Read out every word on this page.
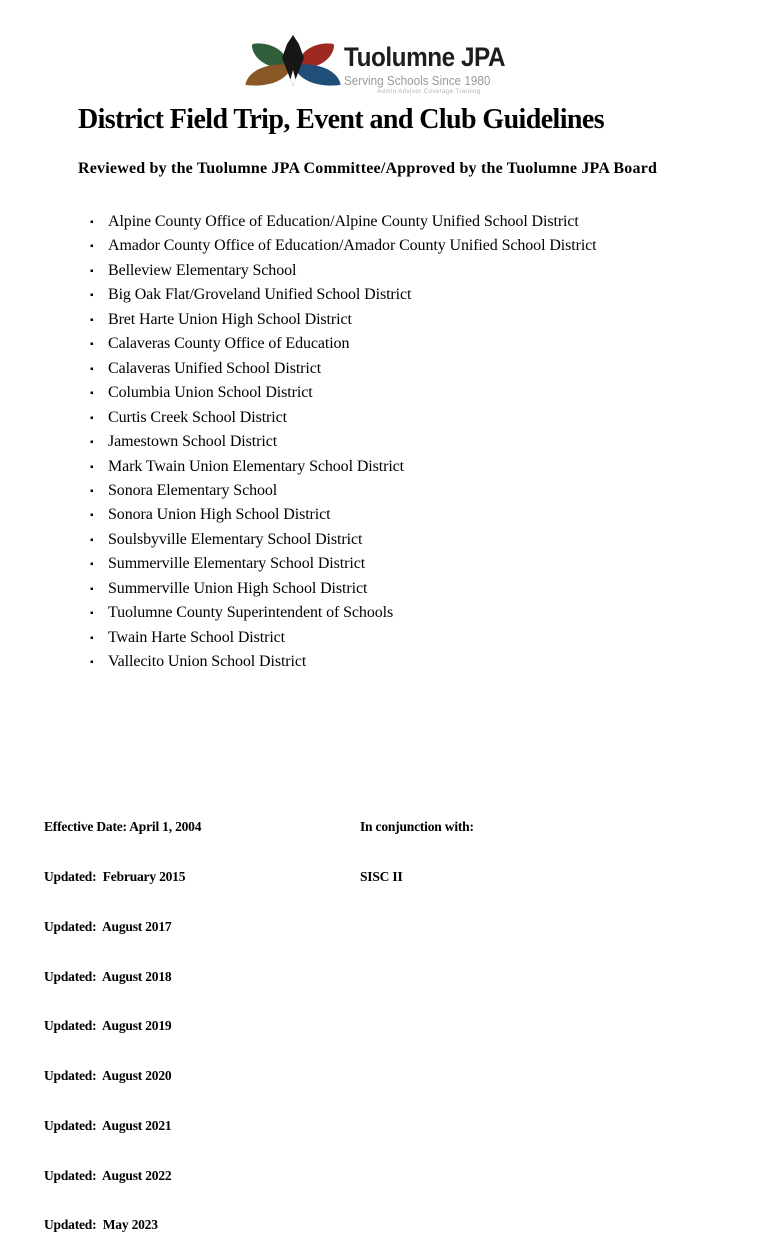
Tuolumne JPA
Serving Schools Since 1980
Admin Advisor Coverage Training
District Field Trip, Event and Club Guidelines
Reviewed by the Tuolumne JPA Committee/Approved by the Tuolumne JPA Board
▪ Alpine County Office of Education/Alpine County Unified School District
▪ Amador County Office of Education/Amador County Unified School District
▪ Belleview Elementary School
▪ Big Oak Flat/Groveland Unified School District
▪ Bret Harte Union High School District
▪ Calaveras County Office of Education
▪ Calaveras Unified School District
▪ Columbia Union School District
▪ Curtis Creek School District
▪ Jamestown School District
▪ Mark Twain Union Elementary School District
▪ Sonora Elementary School
▪ Sonora Union High School District
▪ Soulsbyville Elementary School District
▪ Summerville Elementary School District
▪ Summerville Union High School District
▪ Tuolumne County Superintendent of Schools
▪ Twain Harte School District
▪ Vallecito Union School District

Effective Date: April 1, 2004

Updated:  February 2015

Updated:  August 2017

Updated:  August 2018

Updated:  August 2019

Updated:  August 2020

Updated:  August 2021

Updated:  August 2022

Updated:  May 2023

In conjunction with:

SISC II
